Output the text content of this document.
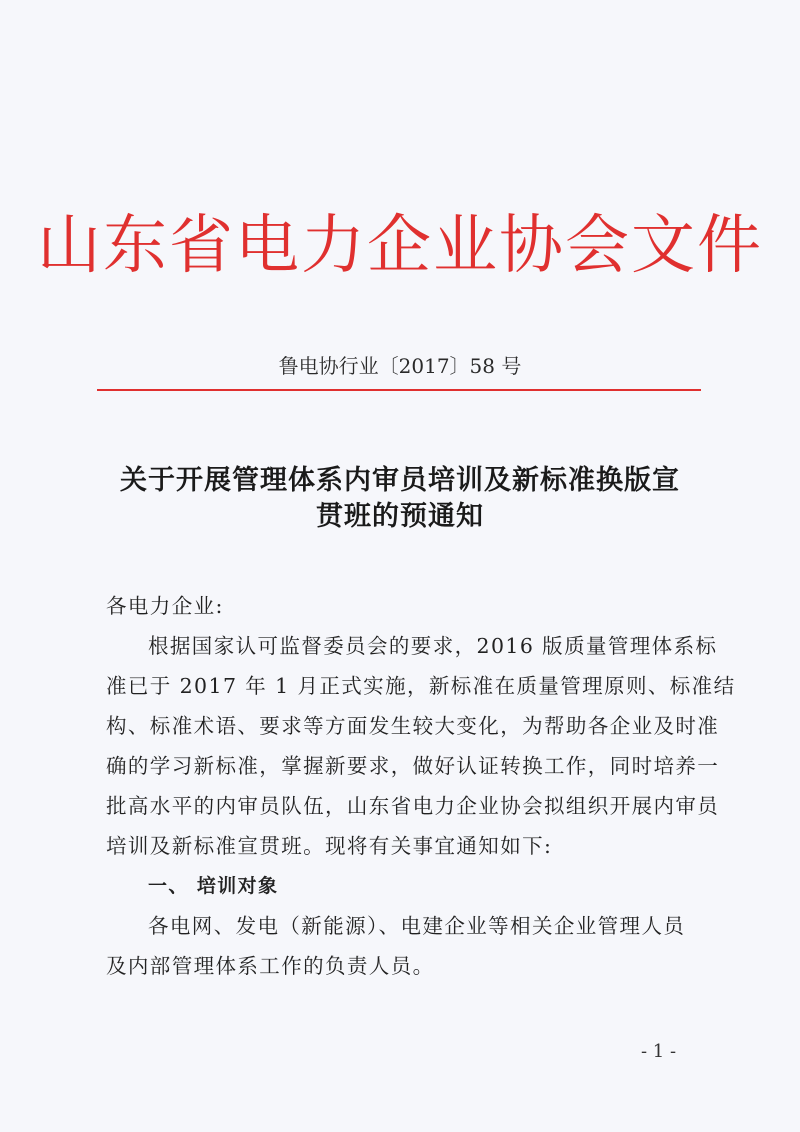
山东省电力企业协会文件
鲁电协行业〔2017〕58 号
关于开展管理体系内审员培训及新标准换版宣
贯班的预通知
各电力企业:
根据国家认可监督委员会的要求，2016 版质量管理体系标
准已于 2017 年 1 月正式实施，新标准在质量管理原则、标准结
构、标准术语、要求等方面发生较大变化，为帮助各企业及时准
确的学习新标准，掌握新要求，做好认证转换工作，同时培养一
批高水平的内审员队伍，山东省电力企业协会拟组织开展内审员
培训及新标准宣贯班。现将有关事宜通知如下:
一、 培训对象
各电网、发电（新能源）、电建企业等相关企业管理人员
及内部管理体系工作的负责人员。
- 1 -
